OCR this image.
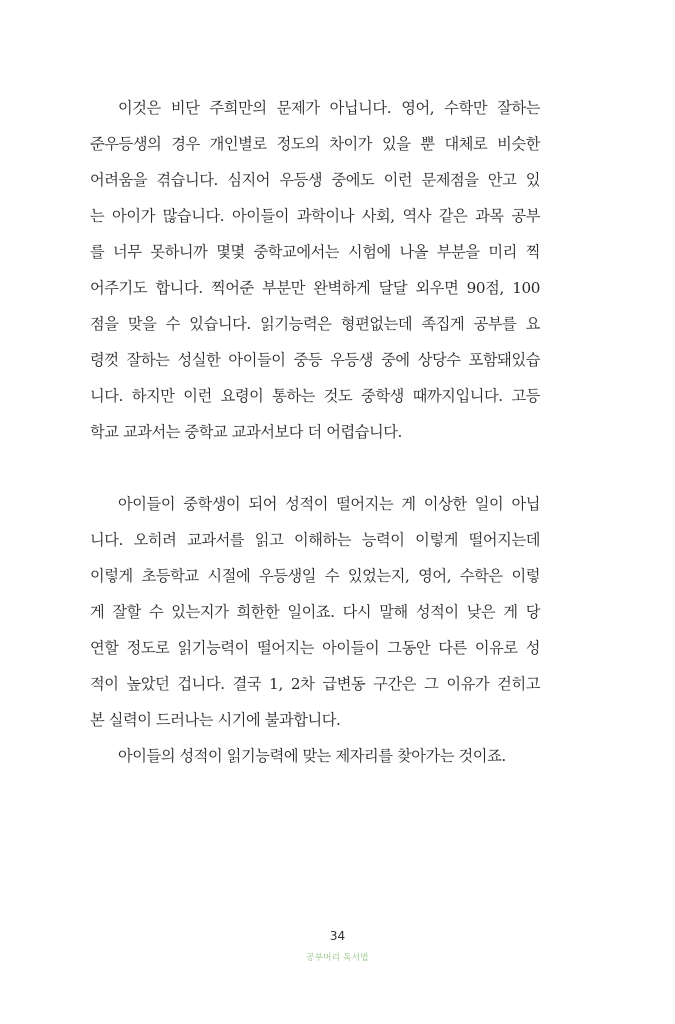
이것은 비단 주희만의 문제가 아닙니다. 영어, 수학만 잘하는
준우등생의 경우 개인별로 정도의 차이가 있을 뿐 대체로 비슷한
어려움을 겪습니다. 심지어 우등생 중에도 이런 문제점을 안고 있
는 아이가 많습니다. 아이들이 과학이나 사회, 역사 같은 과목 공부
를 너무 못하니까 몇몇 중학교에서는 시험에 나올 부분을 미리 찍
어주기도 합니다. 찍어준 부분만 완벽하게 달달 외우면 90점, 100
점을 맞을 수 있습니다. 읽기능력은 형편없는데 족집게 공부를 요
령껏 잘하는 성실한 아이들이 중등 우등생 중에 상당수 포함돼있습
니다. 하지만 이런 요령이 통하는 것도 중학생 때까지입니다. 고등
학교 교과서는 중학교 교과서보다 더 어렵습니다.
아이들이 중학생이 되어 성적이 떨어지는 게 이상한 일이 아닙
니다. 오히려 교과서를 읽고 이해하는 능력이 이렇게 떨어지는데
이렇게 초등학교 시절에 우등생일 수 있었는지, 영어, 수학은 이렇
게 잘할 수 있는지가 희한한 일이죠. 다시 말해 성적이 낮은 게 당
연할 정도로 읽기능력이 떨어지는 아이들이 그동안 다른 이유로 성
적이 높았던 겁니다. 결국 1, 2차 급변동 구간은 그 이유가 걷히고
본 실력이 드러나는 시기에 불과합니다.
아이들의 성적이 읽기능력에 맞는 제자리를 찾아가는 것이죠.
34
공부머리 독서법
